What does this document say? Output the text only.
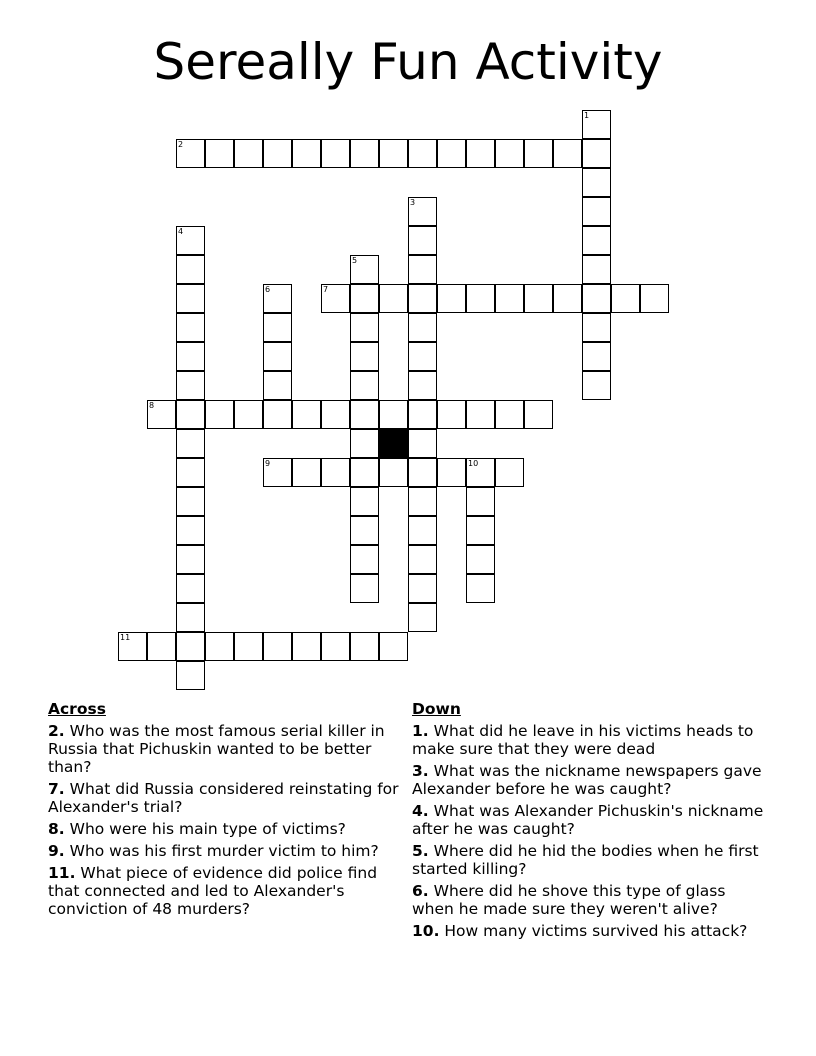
Sereally Fun Activity
1
2
3
4
5
6	7
8
9	10
11
Across
2. Who was the most famous serial killer in Russia that Pichuskin wanted to be better than?
7. What did Russia considered reinstating for Alexander's trial?
8. Who were his main type of victims?
9. Who was his first murder victim to him?
11. What piece of evidence did police find that connected and led to Alexander's conviction of 48 murders?
Down
1. What did he leave in his victims heads to make sure that they were dead
3. What was the nickname newspapers gave Alexander before he was caught?
4. What was Alexander Pichuskin's nickname after he was caught?
5. Where did he hid the bodies when he first started killing?
6. Where did he shove this type of glass when he made sure they weren't alive?
10. How many victims survived his attack?
